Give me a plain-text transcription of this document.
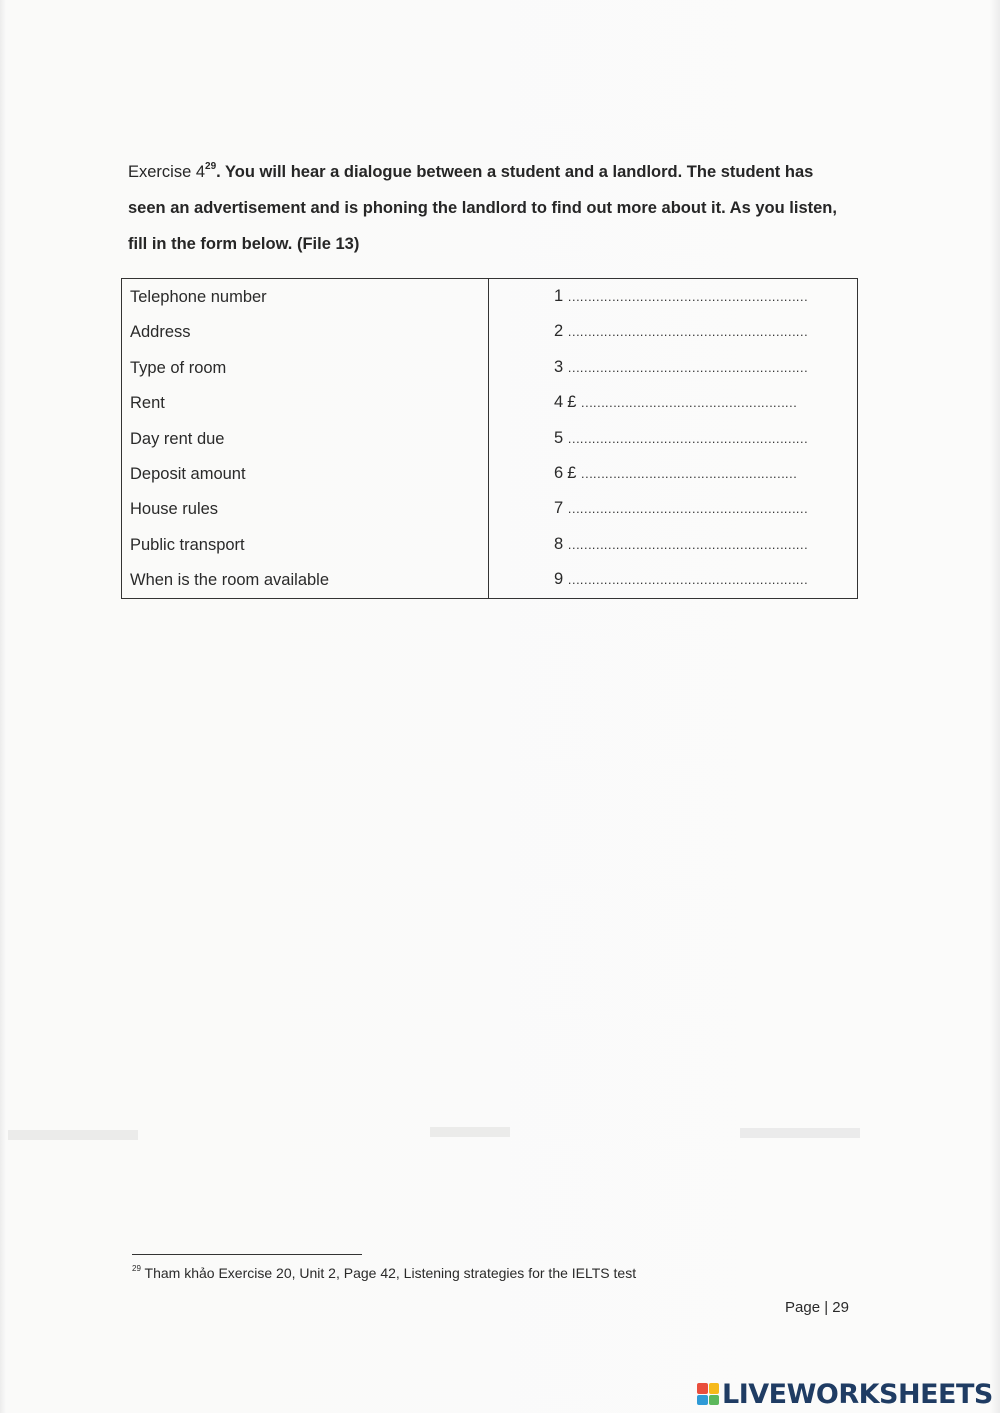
Exercise $4^{29}$. You will hear a dialogue between a student and a landlord. The student has seen an advertisement and is phoning the landlord to find out more about it. As you listen, fill in the form below. (File 13)
Telephone number	1 ……………………………………………………
Address	2 ……………………………………………………
Type of room	3 ……………………………………………………
Rent	4 £ ………………………………………………
Day rent due	5 ……………………………………………………
Deposit amount	6 £ ………………………………………………
House rules	7 ……………………………………………………
Public transport	8 ……………………………………………………
When is the room available	9 ……………………………………………………
$^{29}$ Tham khảo Exercise 20, Unit 2, Page 42, Listening strategies for the IELTS test
Page | 29
LIVEWORKSHEETS
